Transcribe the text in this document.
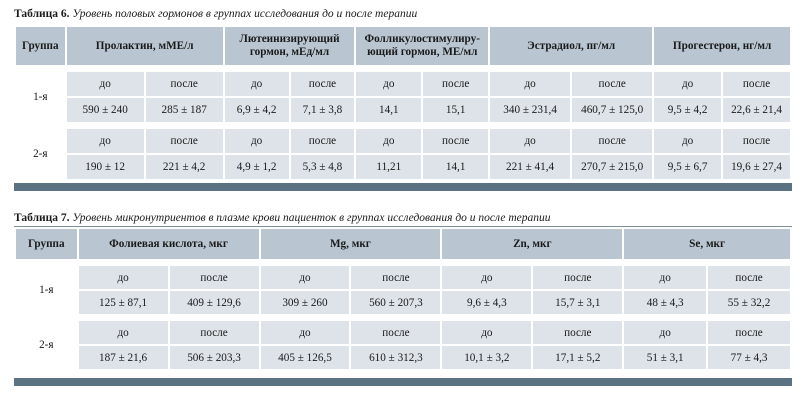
Таблица 6. Уровень половых гормонов в группах исследования до и после терапии
Группа	Пролактин, мМЕ/л		Лютеинизирующий гормон, мЕд/мл		Фолликулостимулиру-ющий гормон, МЕ/мл		Эстрадиол, пг/мл		Прогестерон, нг/мл	

1-я	до	после	до	после	до	после	до	после	до	после
	590 ± 240	285 ± 187	6,9 ± 4,2	7,1 ± 3,8	14,1	15,1	340 ± 231,4	460,7 ± 125,0	9,5 ± 4,2	22,6 ± 21,4

2-я	до	после	до	после	до	после	до	после	до	после
	190 ± 12	221 ± 4,2	4,9 ± 1,2	5,3 ± 4,8	11,21	14,1	221 ± 41,4	270,7 ± 215,0	9,5 ± 6,7	19,6 ± 27,4
Таблица 7. Уровень микронутриентов в плазме крови пациенток в группах исследования до и после терапии
Группа	Фолиевая кислота, мкг		Mg, мкг		Zn, мкг		Se, мкг	

1-я	до	после	до	после	до	после	до	после
	125 ± 87,1	409 ± 129,6	309 ± 260	560 ± 207,3	9,6 ± 4,3	15,7 ± 3,1	48 ± 4,3	55 ± 32,2

2-я	до	после	до	после	до	после	до	после
	187 ± 21,6	506 ± 203,3	405 ± 126,5	610 ± 312,3	10,1 ± 3,2	17,1 ± 5,2	51 ± 3,1	77 ± 4,3
